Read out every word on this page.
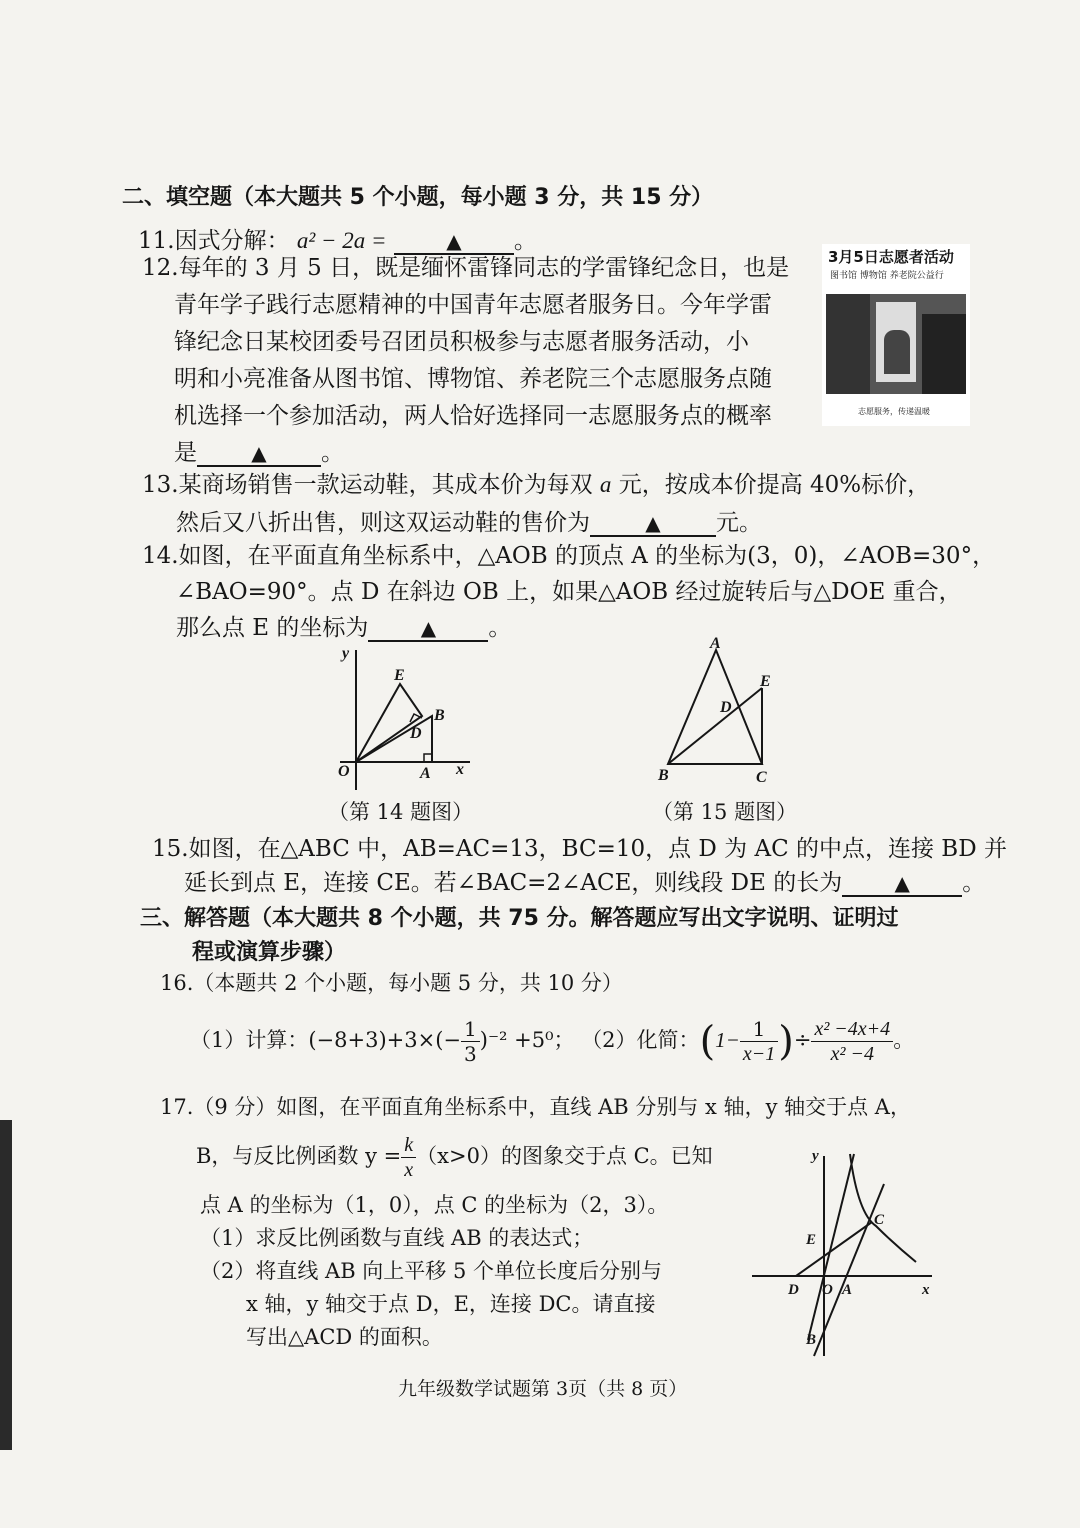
二、填空题（本大题共 5 个小题，每小题 3 分，共 15 分）
11.因式分解： a² − 2a =	▲ 。
12.每年的 3 月 5 日，既是缅怀雷锋同志的学雷锋纪念日，也是
青年学子践行志愿精神的中国青年志愿者服务日。今年学雷
锋纪念日某校团委号召团员积极参与志愿者服务活动，小
明和小亮准备从图书馆、博物馆、养老院三个志愿服务点随
机选择一个参加活动，两人恰好选择同一志愿服务点的概率
是	▲ 。
3月5日志愿者活动
图书馆 博物馆 养老院公益行
志愿服务，传递温暖
13.某商场销售一款运动鞋，其成本价为每双 a 元，按成本价提高 40%标价，
然后又八折出售，则这双运动鞋的售价为	▲ 元。
14.如图，在平面直角坐标系中，△AOB 的顶点 A 的坐标为(3，0)，∠AOB=30°，
∠BAO=90°。点 D 在斜边 OB 上，如果△AOB 经过旋转后与△DOE 重合，
那么点 E 的坐标为	▲ 。
y
x
O	A
B
D
E
（第 14 题图）
A
B	C
D
E
（第 15 题图）
15.如图，在△ABC 中，AB=AC=13，BC=10，点 D 为 AC 的中点，连接 BD 并
延长到点 E，连接 CE。若∠BAC=2∠ACE，则线段 DE 的长为	▲ 。
三、解答题（本大题共 8 个小题，共 75 分。解答题应写出文字说明、证明过
程或演算步骤）
16.（本题共 2 个小题，每小题 5 分，共 10 分）
（1）计算：$(-8+3)+3\times(- \frac{1}{3} )^{-2} +5^0$； （2）化简：($1- \frac{1}{x-1}$ )÷ $\frac{\text{x² −4x+4}}{\text{x² −4}}$ 。
17.（9 分）如图，在平面直角坐标系中，直线 AB 分别与 x 轴，y 轴交于点 A，
B，与反比例函数 $y = \frac{k}{x} (x>0)$的图象交于点 C。已知
点 A 的坐标为（1，0），点 C 的坐标为（2，3）。
（1）求反比例函数与直线 AB 的表达式；
（2）将直线 AB 向上平移 5 个单位长度后分别与
x 轴，y 轴交于点 D，E，连接 DC。请直接
写出△ACD 的面积。
y
x
O A
D
E
B
C
九年级数学试题第 3页（共 8 页）
